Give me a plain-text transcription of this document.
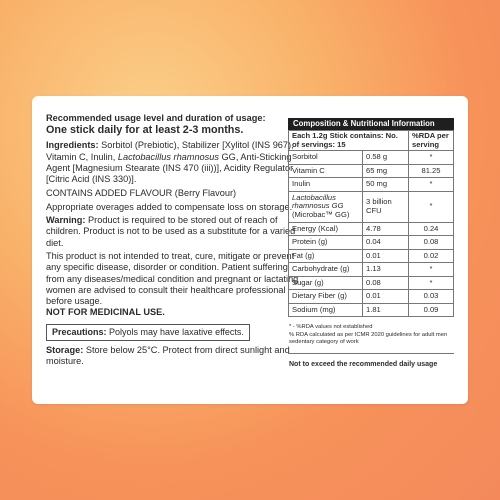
Recommended usage level and duration of usage:

One stick daily for at least 2-3 months.

Ingredients: Sorbitol (Prebiotic), Stabilizer [Xylitol (INS 967), Vitamin C, Inulin, Lactobacillus rhamnosus GG, Anti-Sticking Agent [Magnesium Stearate (INS 470 (iii))], Acidity Regulator [Citric Acid (INS 330)].

CONTAINS ADDED FLAVOUR (Berry Flavour)

Appropriate overages added to compensate loss on storage.

Warning: Product is required to be stored out of reach of children. Product is not to be used as a substitute for a varied diet.

This product is not intended to treat, cure, mitigate or prevent any specific disease, disorder or condition. Patient suffering from any diseases/medical condition and pregnant or lactating women are advised to consult their healthcare professional before usage.

NOT FOR MEDICINAL USE.

Precautions: Polyols may have laxative effects.

Storage: Store below 25°C. Protect from direct sunlight and moisture.

Composition & Nutritional Information
Each 1.2g Stick contains: No. of servings: 15		%RDA per serving
Sorbitol	0.58 g	*
Vitamin C	65 mg	81.25
Inulin	50 mg	*
Lactobacillus rhamnosus GG
(Microbac™ GG)	3 billion CFU	*
Energy (Kcal)	4.78	0.24
Protein (g)	0.04	0.08
Fat (g)	0.01	0.02
Carbohydrate (g)	1.13	*
Sugar (g)	0.08	*
Dietary Fiber (g)	0.01	0.03
Sodium (mg)	1.81	0.09

* - %RDA values not established

% RDA calculated as per ICMR 2020 guidelines for adult men sedentary category of work

Not to exceed the recommended daily usage
